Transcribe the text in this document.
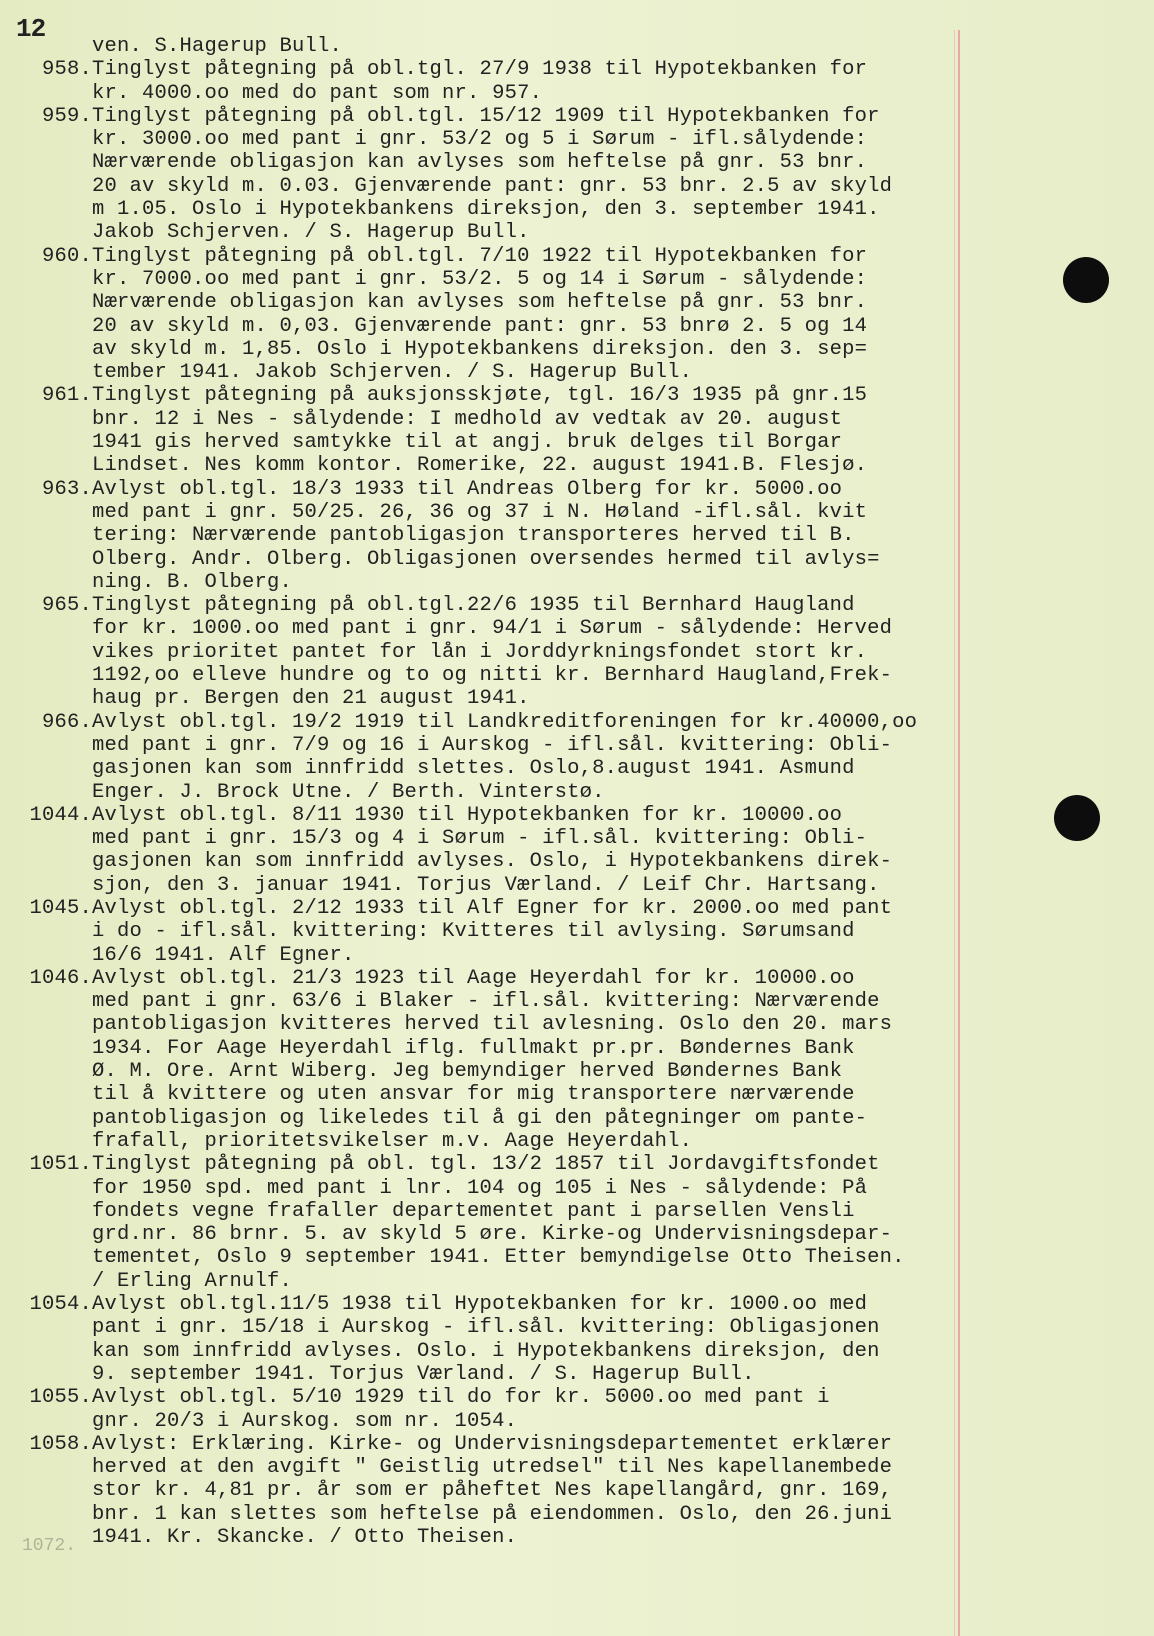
12
ven. S.Hagerup Bull.
958.Tinglyst påtegning på obl.tgl. 27/9 1938 til Hypotekbanken for
kr. 4000.oo med do pant som nr. 957.
959.Tinglyst påtegning på obl.tgl. 15/12 1909 til Hypotekbanken for
kr. 3000.oo med pant i gnr. 53/2 og 5 i Sørum - ifl.sålydende:
Nærværende obligasjon kan avlyses som heftelse på gnr. 53 bnr.
20 av skyld m. 0.03. Gjenværende pant: gnr. 53 bnr. 2.5 av skyld
m 1.05. Oslo i Hypotekbankens direksjon, den 3. september 1941.
Jakob Schjerven. / S. Hagerup Bull.
960.Tinglyst påtegning på obl.tgl. 7/10 1922 til Hypotekbanken for
kr. 7000.oo med pant i gnr. 53/2. 5 og 14 i Sørum - sålydende:
Nærværende obligasjon kan avlyses som heftelse på gnr. 53 bnr.
20 av skyld m. 0,03. Gjenværende pant: gnr. 53 bnrø 2. 5 og 14
av skyld m. 1,85. Oslo i Hypotekbankens direksjon. den 3. sep=
tember 1941. Jakob Schjerven. / S. Hagerup Bull.
961.Tinglyst påtegning på auksjonsskjøte, tgl. 16/3 1935 på gnr.15
bnr. 12 i Nes - sålydende: I medhold av vedtak av 20. august
1941 gis herved samtykke til at angj. bruk delges til Borgar
Lindset. Nes komm kontor. Romerike, 22. august 1941.B. Flesjø.
963.Avlyst obl.tgl. 18/3 1933 til Andreas Olberg for kr. 5000.oo
med pant i gnr. 50/25. 26, 36 og 37 i N. Høland -ifl.sål. kvit
tering: Nærværende pantobligasjon transporteres herved til B.
Olberg. Andr. Olberg. Obligasjonen oversendes hermed til avlys=
ning. B. Olberg.
965.Tinglyst påtegning på obl.tgl.22/6 1935 til Bernhard Haugland
for kr. 1000.oo med pant i gnr. 94/1 i Sørum - sålydende: Herved
vikes prioritet pantet for lån i Jorddyrkningsfondet stort kr.
1192,oo elleve hundre og to og nitti kr. Bernhard Haugland,Frek-
haug pr. Bergen den 21 august 1941.
966.Avlyst obl.tgl. 19/2 1919 til Landkreditforeningen for kr.40000,oo
med pant i gnr. 7/9 og 16 i Aurskog - ifl.sål. kvittering: Obli-
gasjonen kan som innfridd slettes. Oslo,8.august 1941. Asmund
Enger. J. Brock Utne. / Berth. Vinterstø.
1044.Avlyst obl.tgl. 8/11 1930 til Hypotekbanken for kr. 10000.oo
med pant i gnr. 15/3 og 4 i Sørum - ifl.sål. kvittering: Obli-
gasjonen kan som innfridd avlyses. Oslo, i Hypotekbankens direk-
sjon, den 3. januar 1941. Torjus Værland. / Leif Chr. Hartsang.
1045.Avlyst obl.tgl. 2/12 1933 til Alf Egner for kr. 2000.oo med pant
i do - ifl.sål. kvittering: Kvitteres til avlysing. Sørumsand
16/6 1941. Alf Egner.
1046.Avlyst obl.tgl. 21/3 1923 til Aage Heyerdahl for kr. 10000.oo
med pant i gnr. 63/6 i Blaker - ifl.sål. kvittering: Nærværende
pantobligasjon kvitteres herved til avlesning. Oslo den 20. mars
1934. For Aage Heyerdahl iflg. fullmakt pr.pr. Bøndernes Bank
Ø. M. Ore. Arnt Wiberg. Jeg bemyndiger herved Bøndernes Bank
til å kvittere og uten ansvar for mig transportere nærværende
pantobligasjon og likeledes til å gi den påtegninger om pante-
frafall, prioritetsvikelser m.v. Aage Heyerdahl.
1051.Tinglyst påtegning på obl. tgl. 13/2 1857 til Jordavgiftsfondet
for 1950 spd. med pant i lnr. 104 og 105 i Nes - sålydende: På
fondets vegne frafaller departementet pant i parsellen Vensli
grd.nr. 86 brnr. 5. av skyld 5 øre. Kirke-og Undervisningsdepar-
tementet, Oslo 9 september 1941. Etter bemyndigelse Otto Theisen.
/ Erling Arnulf.
1054.Avlyst obl.tgl.11/5 1938 til Hypotekbanken for kr. 1000.oo med
pant i gnr. 15/18 i Aurskog - ifl.sål. kvittering: Obligasjonen
kan som innfridd avlyses. Oslo. i Hypotekbankens direksjon, den
9. september 1941. Torjus Værland. / S. Hagerup Bull.
1055.Avlyst obl.tgl. 5/10 1929 til do for kr. 5000.oo med pant i
gnr. 20/3 i Aurskog. som nr. 1054.
1058.Avlyst: Erklæring. Kirke- og Undervisningsdepartementet erklærer
herved at den avgift " Geistlig utredsel" til Nes kapellanembede
stor kr. 4,81 pr. år som er påheftet Nes kapellangård, gnr. 169,
bnr. 1 kan slettes som heftelse på eiendommen. Oslo, den 26.juni
1941. Kr. Skancke. / Otto Theisen.
1072.
